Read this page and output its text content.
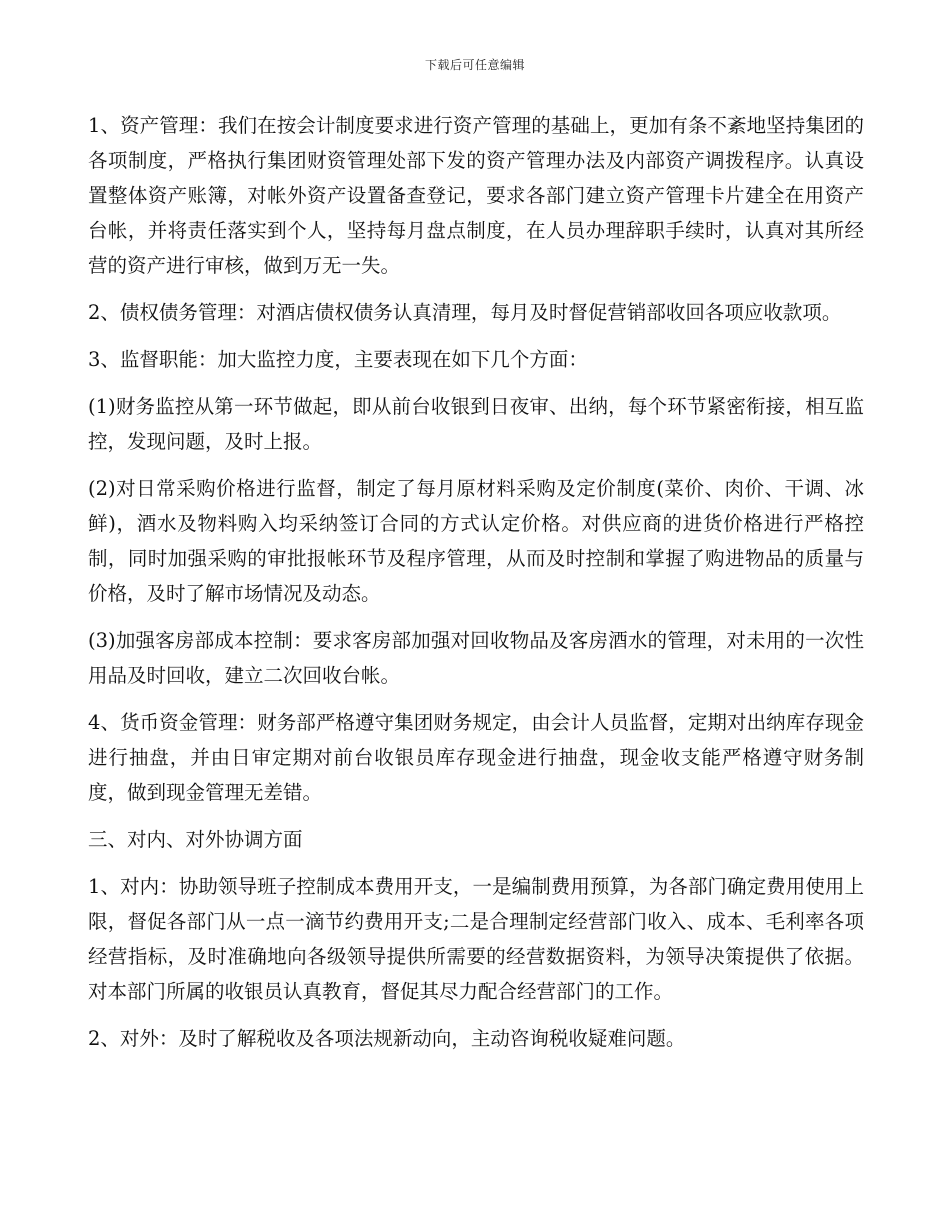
下载后可任意编辑

1、资产管理：我们在按会计制度要求进行资产管理的基础上，更加有条不紊地坚持集团的各项制度，严格执行集团财资管理处部下发的资产管理办法及内部资产调拨程序。认真设置整体资产账簿，对帐外资产设置备查登记，要求各部门建立资产管理卡片建全在用资产台帐，并将责任落实到个人，坚持每月盘点制度，在人员办理辞职手续时，认真对其所经营的资产进行审核，做到万无一失。

2、债权债务管理：对酒店债权债务认真清理，每月及时督促营销部收回各项应收款项。

3、监督职能：加大监控力度，主要表现在如下几个方面：

(1)财务监控从第一环节做起，即从前台收银到日夜审、出纳，每个环节紧密衔接，相互监控，发现问题，及时上报。

(2)对日常采购价格进行监督，制定了每月原材料采购及定价制度(菜价、肉价、干调、冰鲜)，酒水及物料购入均采纳签订合同的方式认定价格。对供应商的进货价格进行严格控制，同时加强采购的审批报帐环节及程序管理，从而及时控制和掌握了购进物品的质量与价格，及时了解市场情况及动态。

(3)加强客房部成本控制：要求客房部加强对回收物品及客房酒水的管理，对未用的一次性用品及时回收，建立二次回收台帐。

4、货币资金管理：财务部严格遵守集团财务规定，由会计人员监督，定期对出纳库存现金进行抽盘，并由日审定期对前台收银员库存现金进行抽盘，现金收支能严格遵守财务制度，做到现金管理无差错。

三、对内、对外协调方面

1、对内：协助领导班子控制成本费用开支，一是编制费用预算，为各部门确定费用使用上限，督促各部门从一点一滴节约费用开支;二是合理制定经营部门收入、成本、毛利率各项经营指标，及时准确地向各级领导提供所需要的经营数据资料，为领导决策提供了依据。对本部门所属的收银员认真教育，督促其尽力配合经营部门的工作。

2、对外：及时了解税收及各项法规新动向，主动咨询税收疑难问题。
